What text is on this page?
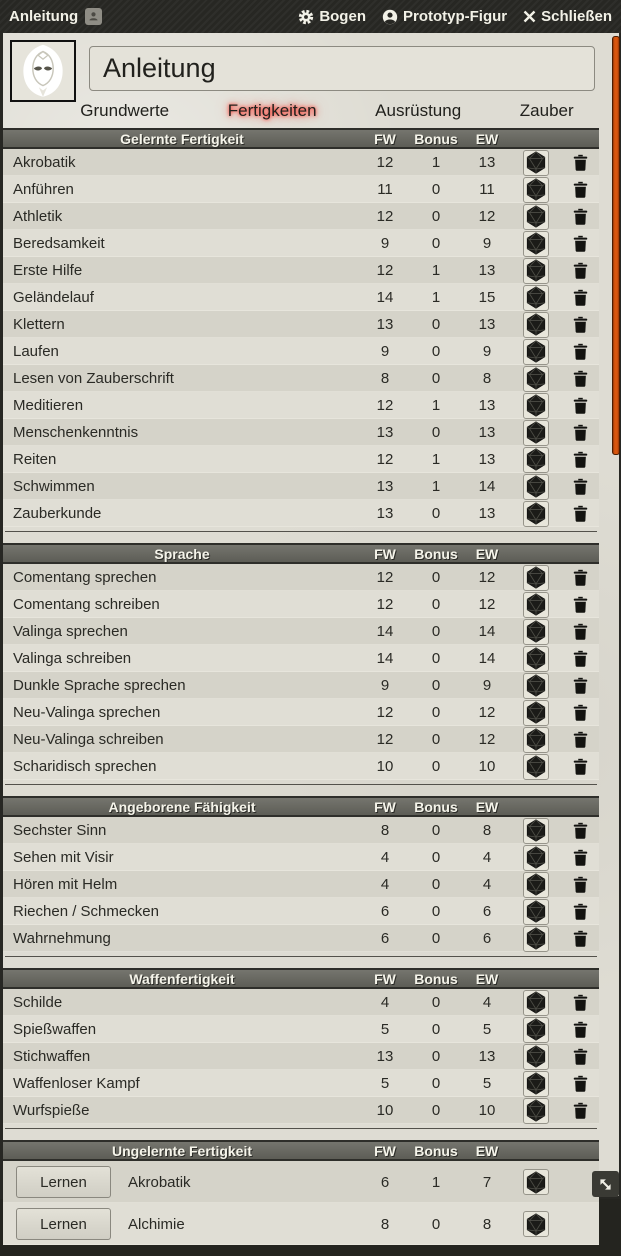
Anleitung	Bogen Prototyp-Figur Schließen
Anleitung
Grundwerte	Fertigkeiten	Ausrüstung	Zauber
Gelernte Fertigkeit	FW	Bonus	EW
Akrobatik	12	1	13
Anführen	11	0	11
Athletik	12	0	12
Beredsamkeit	9	0	9
Erste Hilfe	12	1	13
Geländelauf	14	1	15
Klettern	13	0	13
Laufen	9	0	9
Lesen von Zauberschrift	8	0	8
Meditieren	12	1	13
Menschenkenntnis	13	0	13
Reiten	12	1	13
Schwimmen	13	1	14
Zauberkunde	13	0	13
Sprache	FW	Bonus	EW
Comentang sprechen	12	0	12
Comentang schreiben	12	0	12
Valinga sprechen	14	0	14
Valinga schreiben	14	0	14
Dunkle Sprache sprechen	9	0	9
Neu-Valinga sprechen	12	0	12
Neu-Valinga schreiben	12	0	12
Scharidisch sprechen	10	0	10
Angeborene Fähigkeit	FW	Bonus	EW
Sechster Sinn	8	0	8
Sehen mit Visir	4	0	4
Hören mit Helm	4	0	4
Riechen / Schmecken	6	0	6
Wahrnehmung	6	0	6
Waffenfertigkeit	FW	Bonus	EW
Schilde	4	0	4
Spießwaffen	5	0	5
Stichwaffen	13	0	13
Waffenloser Kampf	5	0	5
Wurfspieße	10	0	10
Ungelernte Fertigkeit	FW	Bonus	EW
Lernen	Akrobatik	6	1	7
Lernen	Alchimie	8	0	8
